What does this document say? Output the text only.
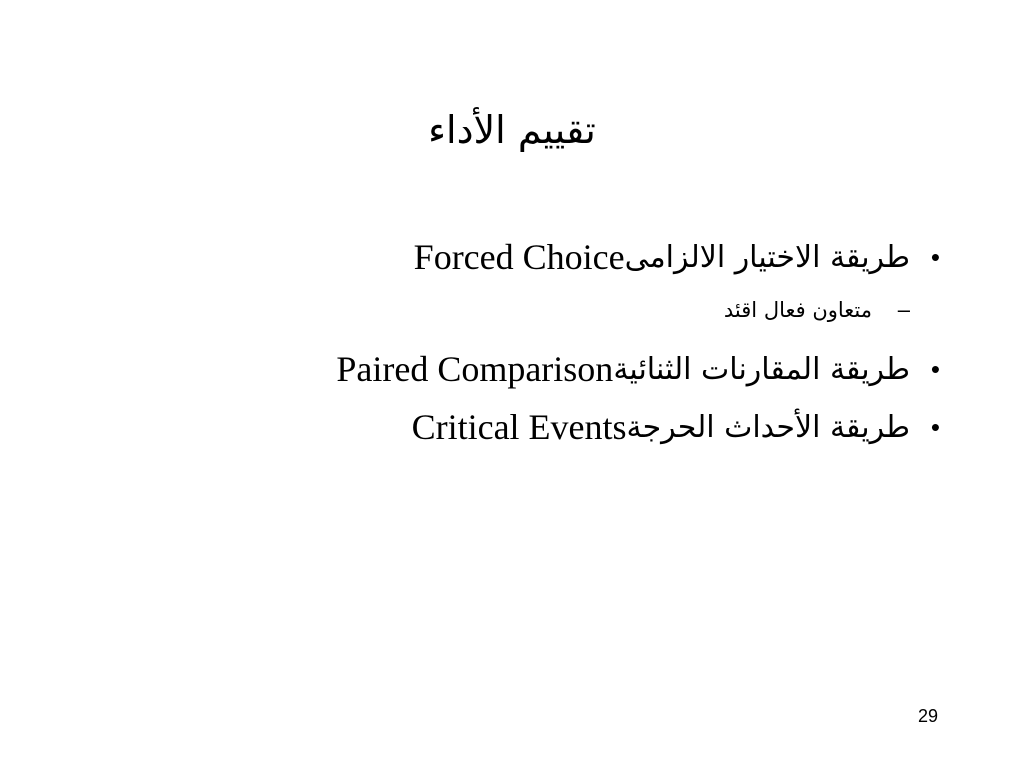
تقييم الأداء
•
طريقة الاختيار الالزامى
Forced Choice
–
متعاون فعال اقئد
•
طريقة المقارنات الثنائية
Paired Comparison
•
طريقة الأحداث الحرجة
Critical Events
29
